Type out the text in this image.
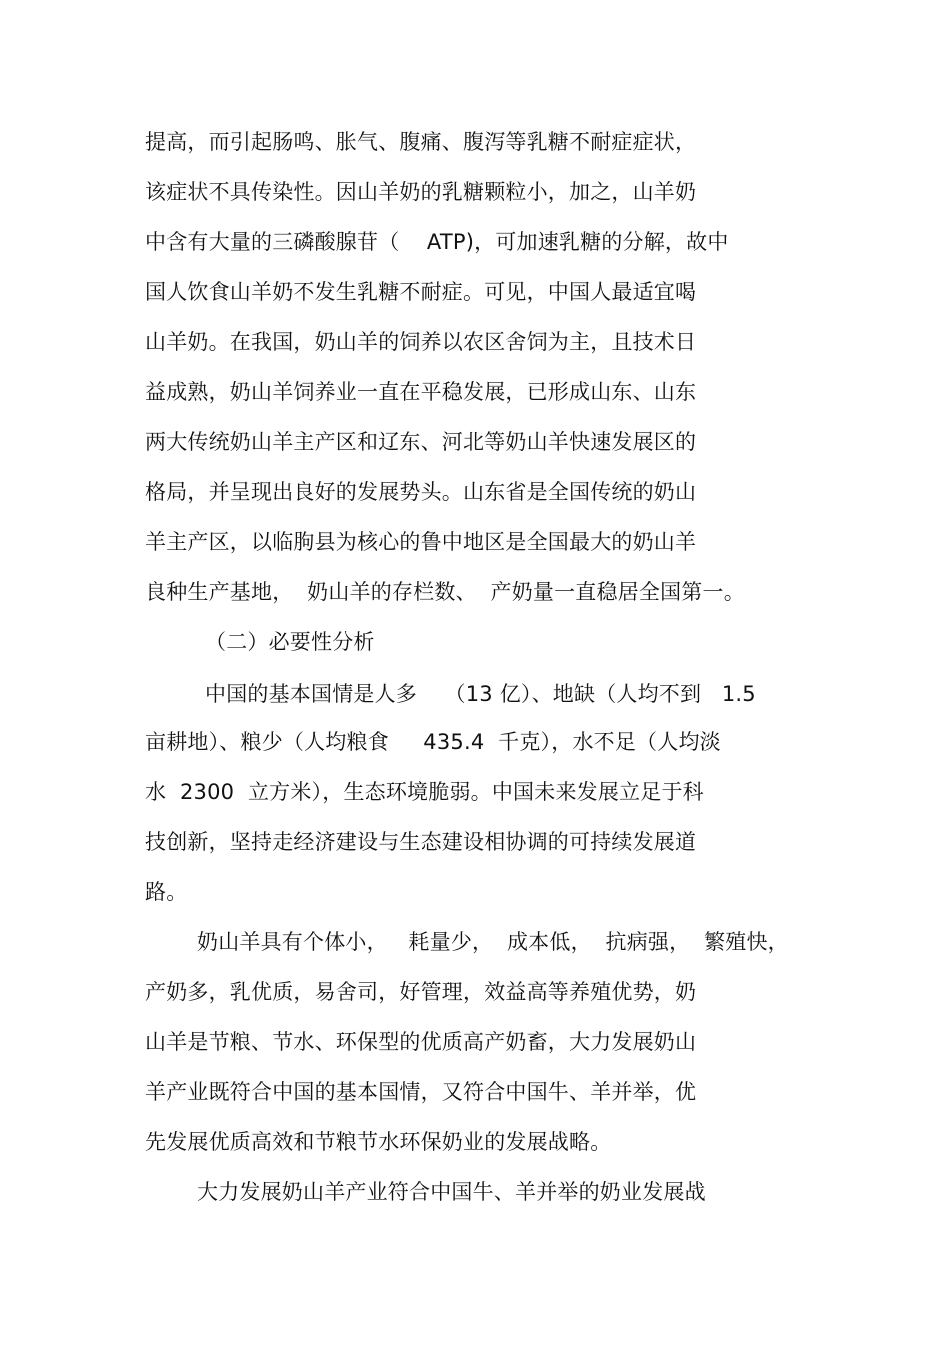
提高，而引起肠鸣、胀气、腹痛、腹泻等乳糖不耐症症状，
该症状不具传染性。因山羊奶的乳糖颗粒小，加之，山羊奶
中含有大量的三磷酸腺苷（    ATP)，可加速乳糖的分解，故中
国人饮食山羊奶不发生乳糖不耐症。可见，中国人最适宜喝
山羊奶。在我国，奶山羊的饲养以农区舍饲为主，且技术日
益成熟，奶山羊饲养业一直在平稳发展，已形成山东、山东
两大传统奶山羊主产区和辽东、河北等奶山羊快速发展区的
格局，并呈现出良好的发展势头。山东省是全国传统的奶山
羊主产区，以临朐县为核心的鲁中地区是全国最大的奶山羊
良种生产基地，  奶山羊的存栏数、  产奶量一直稳居全国第一。
（二）必要性分析
中国的基本国情是人多    （13 亿）、地缺（人均不到   1.5
亩耕地）、粮少（人均粮食     435.4  千克），水不足（人均淡
水  2300  立方米），生态环境脆弱。中国未来发展立足于科
技创新，坚持走经济建设与生态建设相协调的可持续发展道
路。
奶山羊具有个体小，   耗量少，  成本低，  抗病强，  繁殖快，
产奶多，乳优质，易舍司，好管理，效益高等养殖优势，奶
山羊是节粮、节水、环保型的优质高产奶畜，大力发展奶山
羊产业既符合中国的基本国情，又符合中国牛、羊并举，优
先发展优质高效和节粮节水环保奶业的发展战略。
大力发展奶山羊产业符合中国牛、羊并举的奶业发展战
